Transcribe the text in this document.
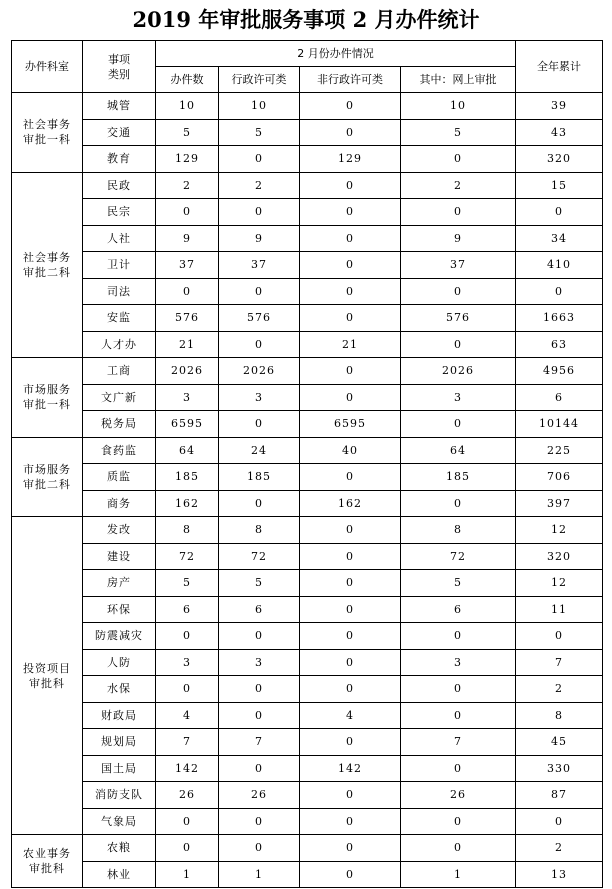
2019 年审批服务事项 2 月办件统计
办件科室	事项类别	2 月份办件情况				全年累计
		办件数	行政许可类	非行政许可类	其中：网上审批	

社会事务审批一科	城管	10	10	0	10	39
	交通	5	5	0	5	43
	教育	129	0	129	0	320

社会事务审批二科	民政	2	2	0	2	15
	民宗	0	0	0	0	0
	人社	9	9	0	9	34
	卫计	37	37	0	37	410
	司法	0	0	0	0	0
	安监	576	576	0	576	1663
	人才办	21	0	21	0	63

市场服务审批一科	工商	2026	2026	0	2026	4956
	文广新	3	3	0	3	6
	税务局	6595	0	6595	0	10144

市场服务审批二科	食药监	64	24	40	64	225
	质监	185	185	0	185	706
	商务	162	0	162	0	397

投资项目审批科	发改	8	8	0	8	12
	建设	72	72	0	72	320
	房产	5	5	0	5	12
	环保	6	6	0	6	11
	防震减灾	0	0	0	0	0
	人防	3	3	0	3	7
	水保	0	0	0	0	2
	财政局	4	0	4	0	8
	规划局	7	7	0	7	45
	国土局	142	0	142	0	330
	消防支队	26	26	0	26	87
	气象局	0	0	0	0	0

农业事务审批科	农粮	0	0	0	0	2
	林业	1	1	0	1	13
